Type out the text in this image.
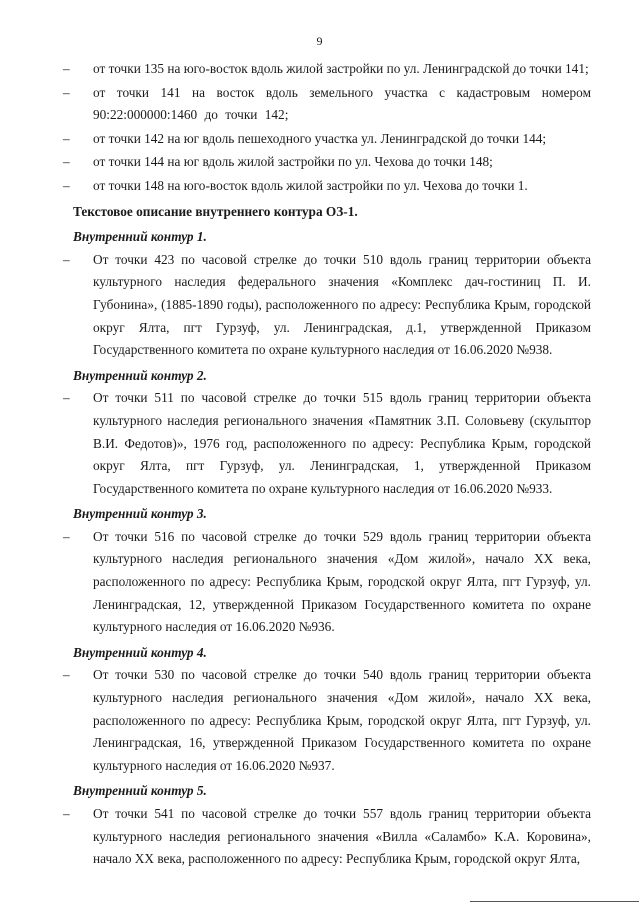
9
–	от точки 135 на юго-восток вдоль жилой застройки по ул. Ленинградской до точки 141;
–	от точки 141 на восток вдоль земельного участка с кадастровым номером 90:22:000000:1460 до точки 142;
–	от точки 142 на юг вдоль пешеходного участка ул. Ленинградской до точки 144;
–	от точки 144 на юг вдоль жилой застройки по ул. Чехова до точки 148;
–	от точки 148 на юго-восток вдоль жилой застройки по ул. Чехова до точки 1.
Текстовое описание внутреннего контура ОЗ-1.
Внутренний контур 1.
–	От точки 423 по часовой стрелке до точки 510 вдоль границ территории объекта культурного наследия федерального значения «Комплекс дач-гостиниц П. И. Губонина», (1885-1890 годы), расположенного по адресу: Республика Крым, городской округ Ялта, пгт Гурзуф, ул. Ленинградская, д.1, утвержденной Приказом Государственного комитета по охране культурного наследия от 16.06.2020 №938.
Внутренний контур 2.
–	От точки 511 по часовой стрелке до точки 515 вдоль границ территории объекта культурного наследия регионального значения «Памятник З.П. Соловьеву (скульптор В.И. Федотов)», 1976 год, расположенного по адресу: Республика Крым, городской округ Ялта, пгт Гурзуф, ул. Ленинградская, 1, утвержденной Приказом Государственного комитета по охране культурного наследия от 16.06.2020 №933.
Внутренний контур 3.
–	От точки 516 по часовой стрелке до точки 529 вдоль границ территории объекта культурного наследия регионального значения «Дом жилой», начало XX века, расположенного по адресу: Республика Крым, городской округ Ялта, пгт Гурзуф, ул. Ленинградская, 12, утвержденной Приказом Государственного комитета по охране культурного наследия от 16.06.2020 №936.
Внутренний контур 4.
–	От точки 530 по часовой стрелке до точки 540 вдоль границ территории объекта культурного наследия регионального значения «Дом жилой», начало XX века, расположенного по адресу: Республика Крым, городской округ Ялта, пгт Гурзуф, ул. Ленинградская, 16, утвержденной Приказом Государственного комитета по охране культурного наследия от 16.06.2020 №937.
Внутренний контур 5.
–	От точки 541 по часовой стрелке до точки 557 вдоль границ территории объекта культурного наследия регионального значения «Вилла «Саламбо» К.А. Коровина», начало XX века, расположенного по адресу: Республика Крым, городской округ Ялта,
